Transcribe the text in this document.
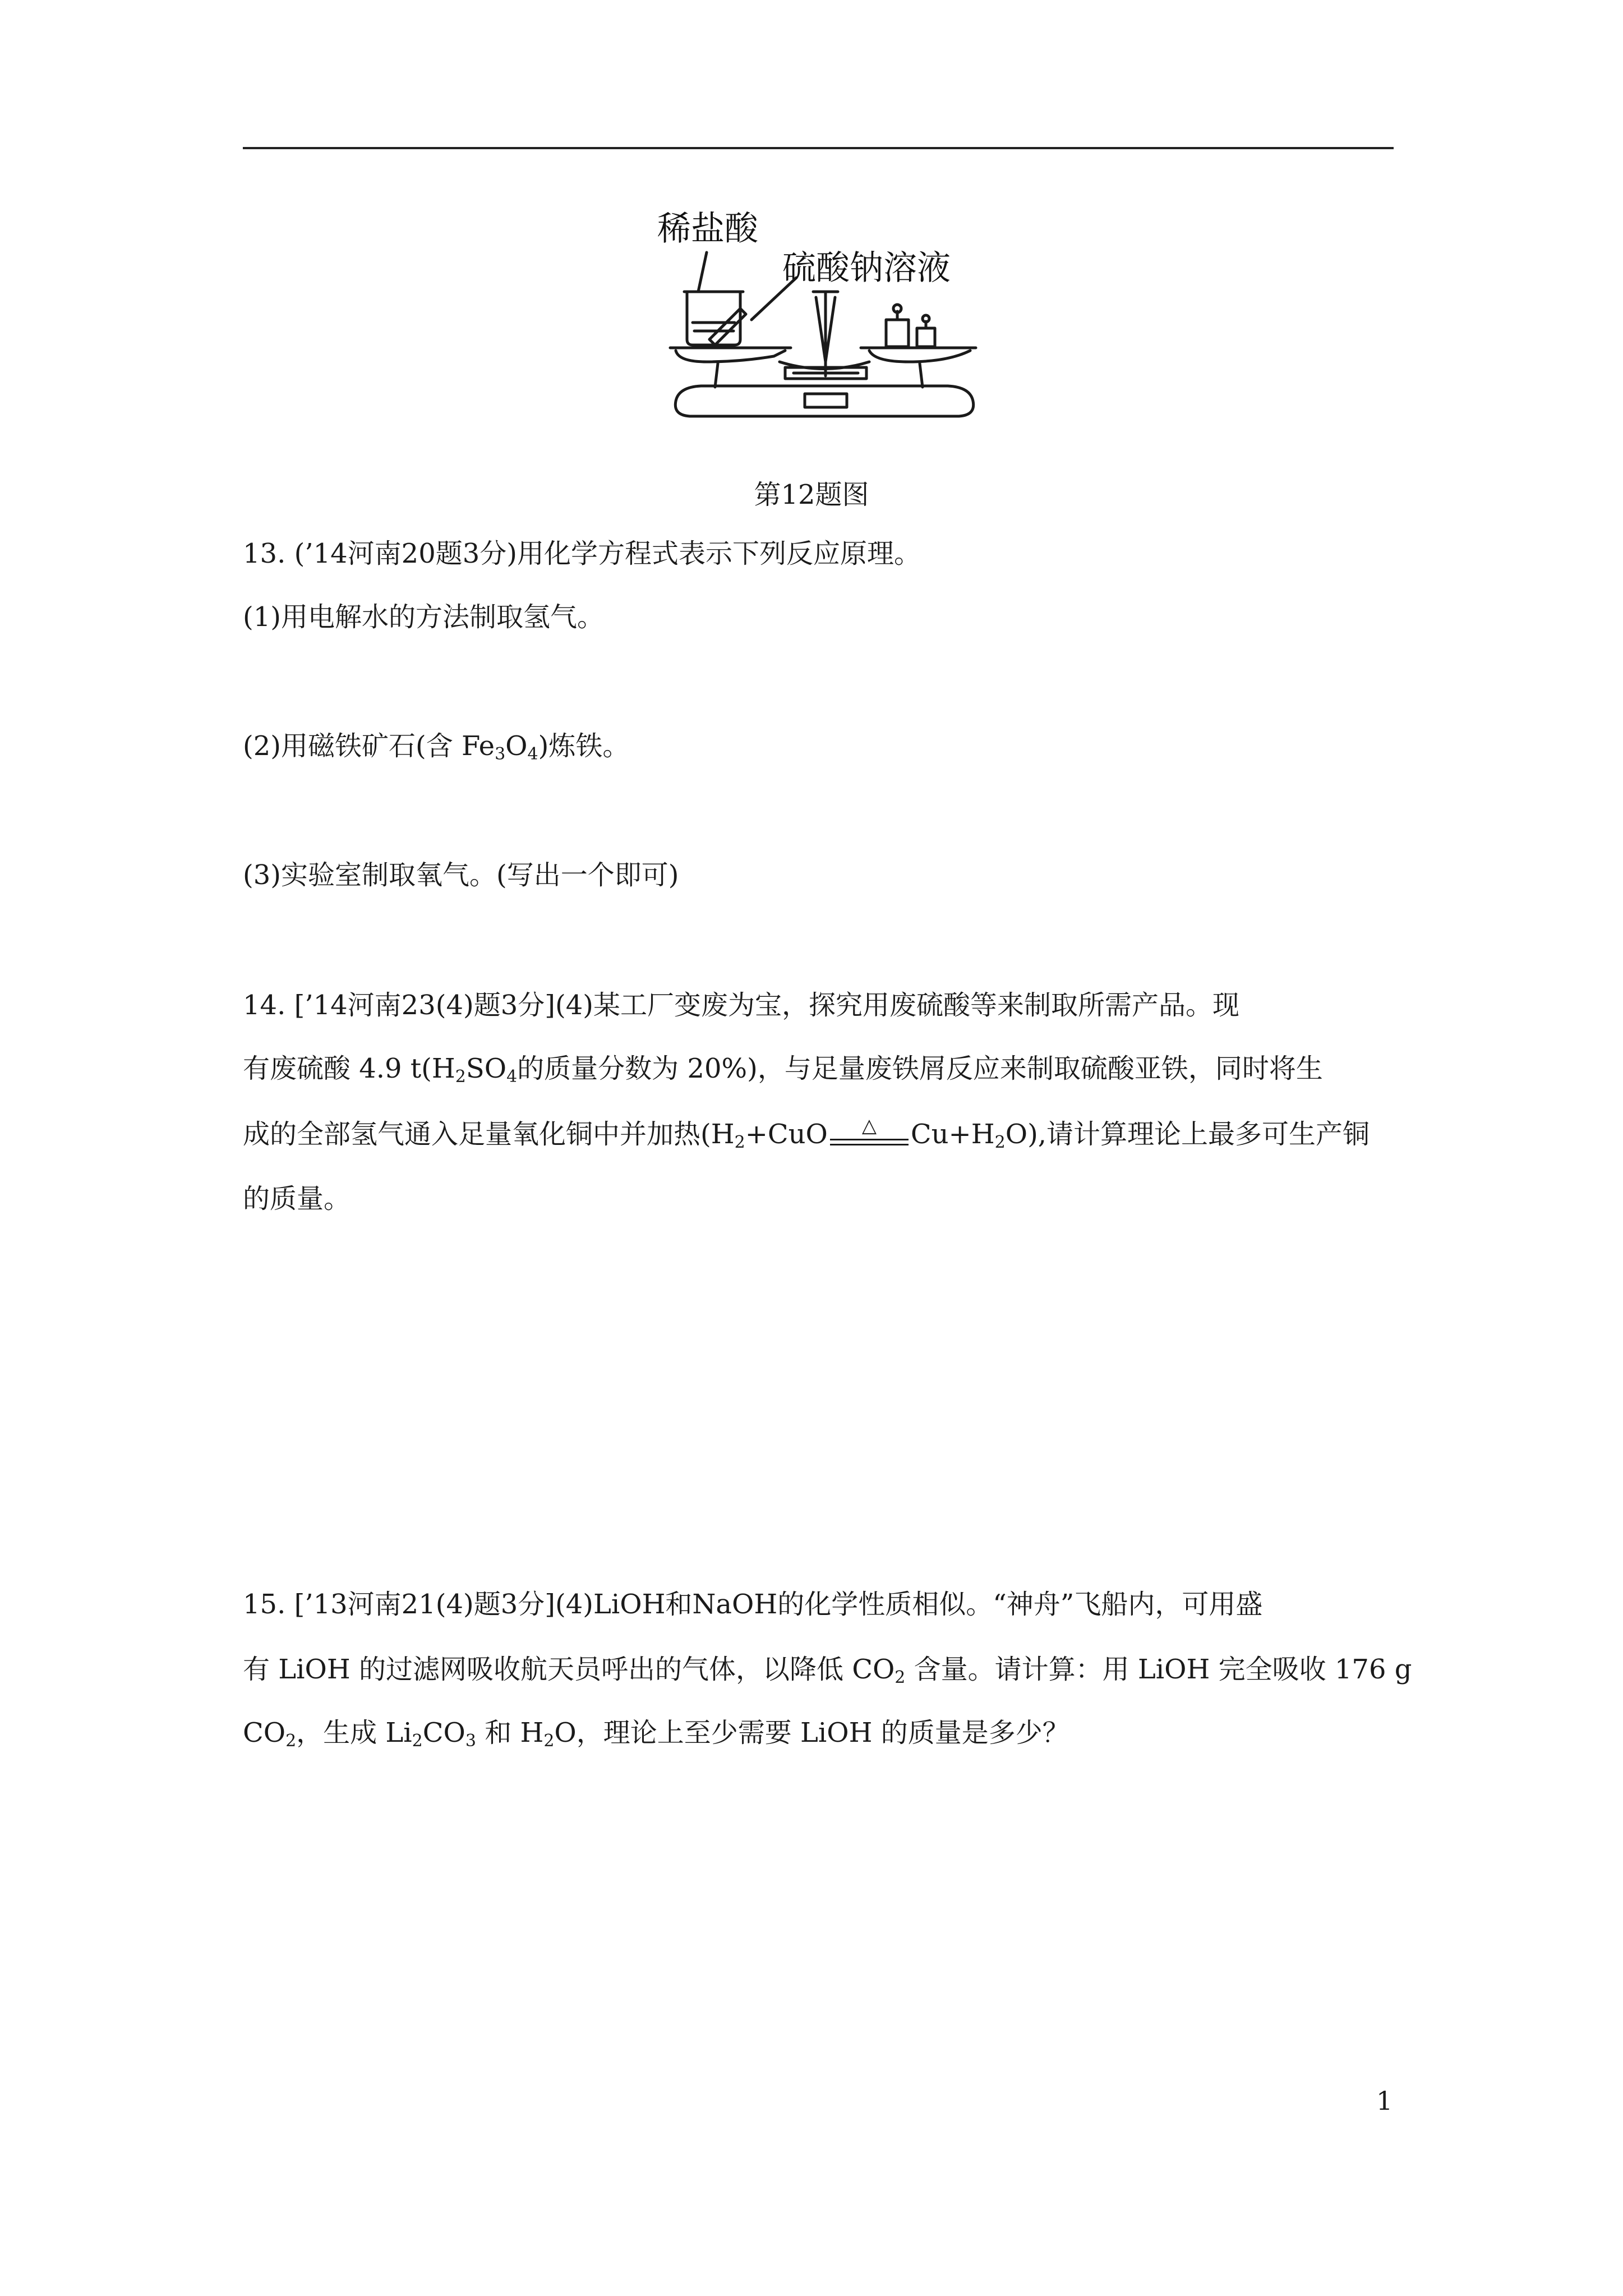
稀盐酸
硫酸钠溶液
第12题图
13. (’14河南20题3分)用化学方程式表示下列反应原理。
(1)用电解水的方法制取氢气。
(2)用磁铁矿石(含 $Fe_3O_4$)炼铁。
(3)实验室制取氧气。(写出一个即可)
14. [’14河南23(4)题3分](4)某工厂变废为宝，探究用废硫酸等来制取所需产品。现
有废硫酸 4.9 $t(H_2SO_4$的质量分数为 20%)，与足量废铁屑反应来制取硫酸亚铁，同时将生
成的全部氢气通入足量氧化铜中并加热($H_2+CuO$ △ $Cu+H_2O$),请计算理论上最多可生产铜
的质量。
15. [’13河南21(4)题3分](4)LiOH和NaOH的化学性质相似。“神舟”飞船内，可用盛
有 LiOH 的过滤网吸收航天员呼出的气体，以降低 $CO_2$ 含量。请计算：用 LiOH 完全吸收 176 g
$CO_2$，生成 $Li_2CO_3$ 和 $H_2O$，理论上至少需要 LiOH 的质量是多少？
1
